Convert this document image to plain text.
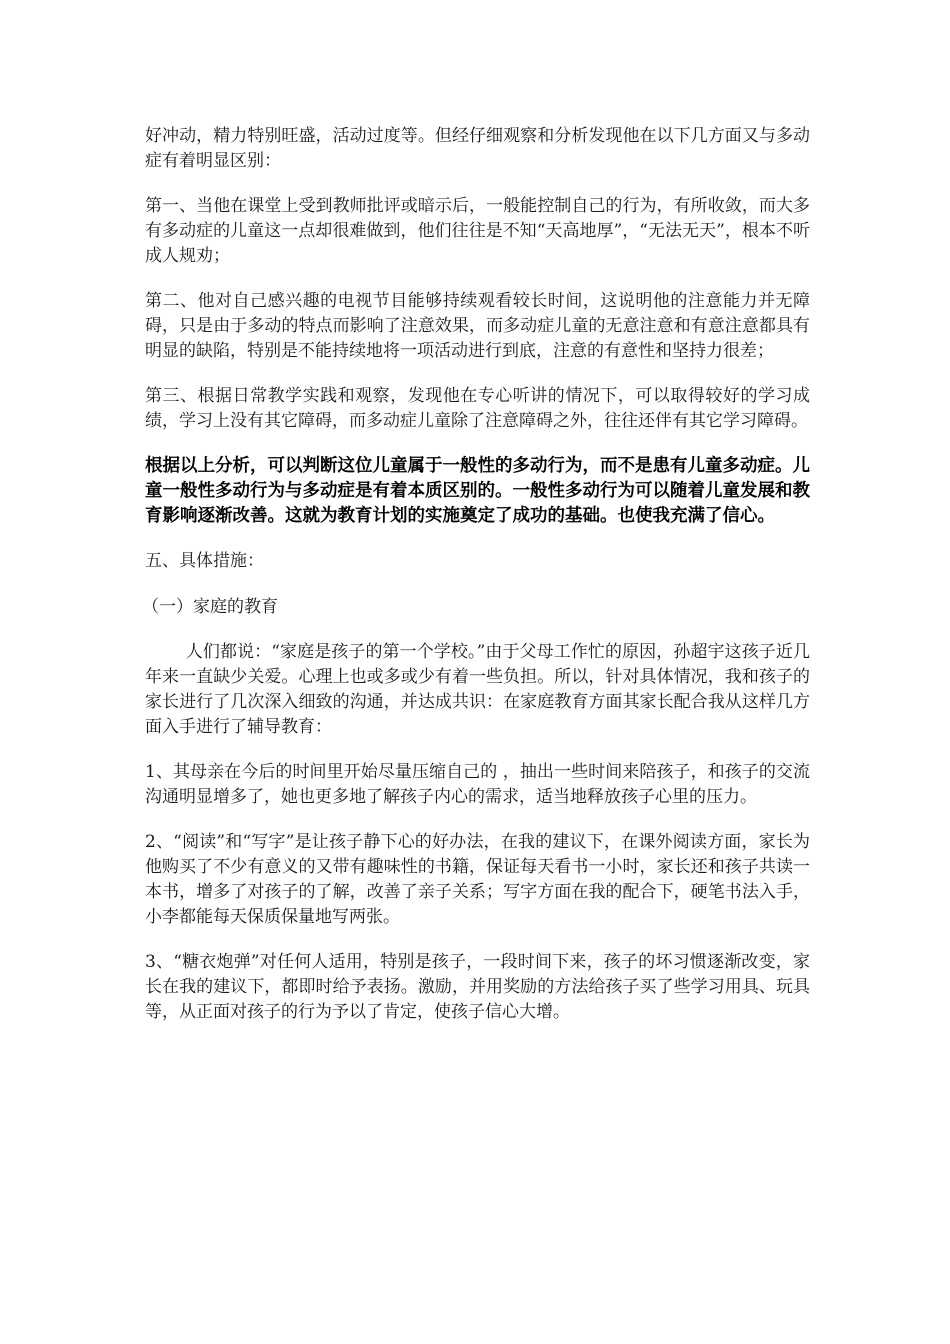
好冲动，精力特别旺盛，活动过度等。但经仔细观察和分析发现他在以下几方面又与多动症有着明显区别：

第一、当他在课堂上受到教师批评或暗示后，一般能控制自己的行为，有所收敛，而大多有多动症的儿童这一点却很难做到，他们往往是不知“天高地厚”，“无法无天”，根本不听成人规劝；

第二、他对自己感兴趣的电视节目能够持续观看较长时间，这说明他的注意能力并无障碍，只是由于多动的特点而影响了注意效果，而多动症儿童的无意注意和有意注意都具有明显的缺陷，特别是不能持续地将一项活动进行到底，注意的有意性和坚持力很差；

第三、根据日常教学实践和观察，发现他在专心听讲的情况下，可以取得较好的学习成绩，学习上没有其它障碍，而多动症儿童除了注意障碍之外，往往还伴有其它学习障碍。

根据以上分析，可以判断这位儿童属于一般性的多动行为，而不是患有儿童多动症。儿童一般性多动行为与多动症是有着本质区别的。一般性多动行为可以随着儿童发展和教育影响逐渐改善。这就为教育计划的实施奠定了成功的基础。也使我充满了信心。

五、具体措施：

（一）家庭的教育

人们都说：“家庭是孩子的第一个学校。”由于父母工作忙的原因，孙超宇这孩子近几年来一直缺少关爱。心理上也或多或少有着一些负担。所以，针对具体情况，我和孩子的家长进行了几次深入细致的沟通，并达成共识：在家庭教育方面其家长配合我从这样几方面入手进行了辅导教育：

1、其母亲在今后的时间里开始尽量压缩自己的 ，抽出一些时间来陪孩子，和孩子的交流沟通明显增多了，她也更多地了解孩子内心的需求，适当地释放孩子心里的压力。

2、“阅读”和“写字”是让孩子静下心的好办法，在我的建议下，在课外阅读方面，家长为他购买了不少有意义的又带有趣味性的书籍，保证每天看书一小时，家长还和孩子共读一本书，增多了对孩子的了解，改善了亲子关系；写字方面在我的配合下，硬笔书法入手，小李都能每天保质保量地写两张。

3、“糖衣炮弹”对任何人适用，特别是孩子，一段时间下来，孩子的坏习惯逐渐改变，家长在我的建议下，都即时给予表扬。激励，并用奖励的方法给孩子买了些学习用具、玩具等，从正面对孩子的行为予以了肯定，使孩子信心大增。
